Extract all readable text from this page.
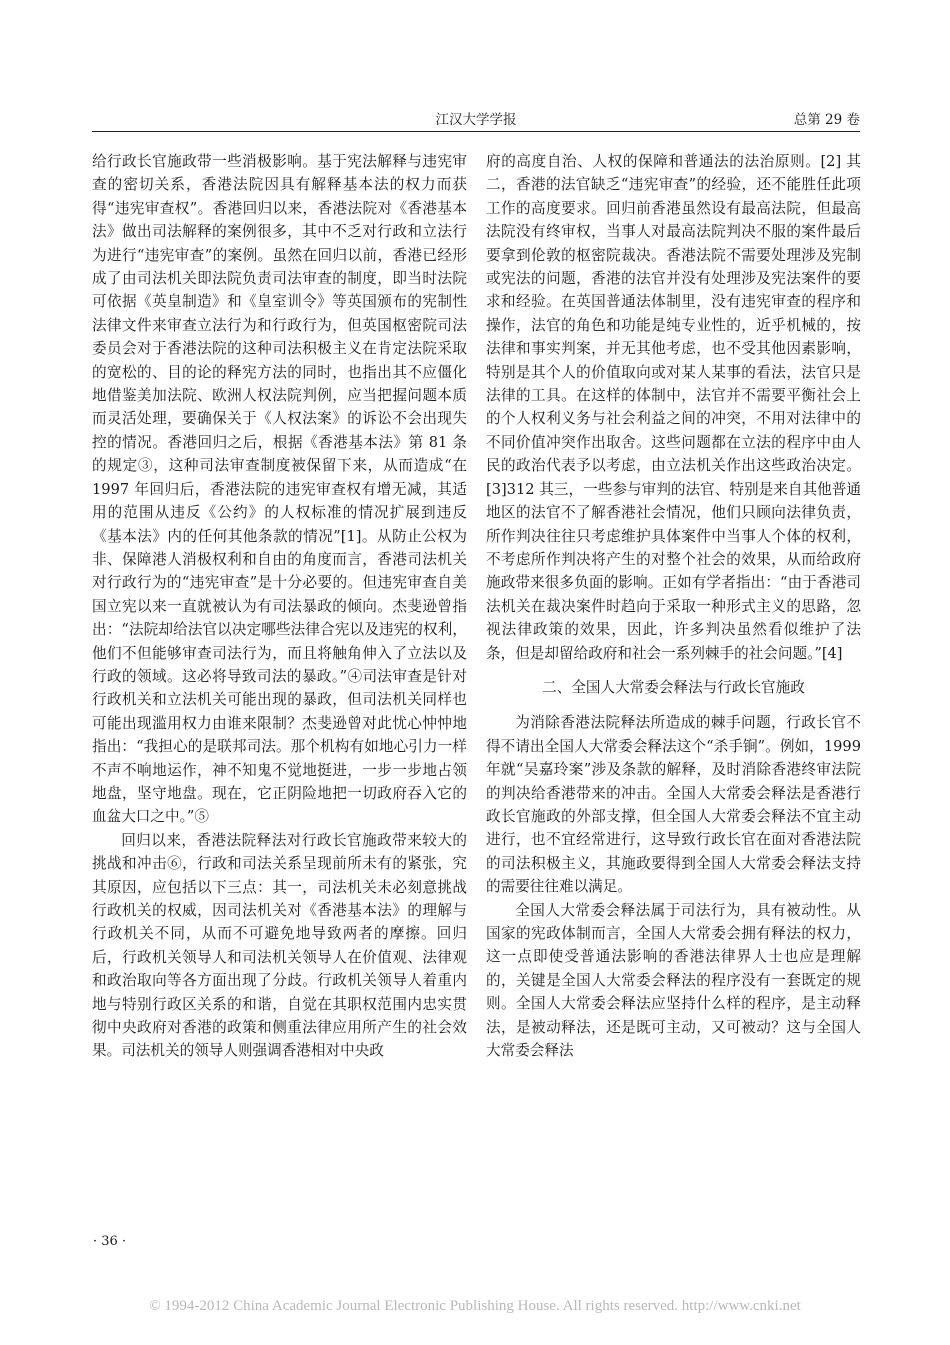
江汉大学学报	总第 29 卷

给行政长官施政带一些消极影响。基于宪法解释与违宪审查的密切关系，香港法院因具有解释基本法的权力而获得“违宪审查权”。香港回归以来，香港法院对《香港基本法》做出司法解释的案例很多，其中不乏对行政和立法行为进行“违宪审查”的案例。虽然在回归以前，香港已经形成了由司法机关即法院负责司法审查的制度，即当时法院可依据《英皇制造》和《皇室训令》等英国颁布的宪制性法律文件来审查立法行为和行政行为，但英国枢密院司法委员会对于香港法院的这种司法积极主义在肯定法院采取的宽松的、目的论的释宪方法的同时，也指出其不应僵化地借鉴美加法院、欧洲人权法院判例，应当把握问题本质而灵活处理，要确保关于《人权法案》的诉讼不会出现失控的情况。香港回归之后，根据《香港基本法》第 81 条的规定③，这种司法审查制度被保留下来，从而造成“在 1997 年回归后，香港法院的违宪审查权有增无减，其适用的范围从违反《公约》的人权标准的情况扩展到违反《基本法》内的任何其他条款的情况”[1]。从防止公权为非、保障港人消极权利和自由的角度而言，香港司法机关对行政行为的“违宪审查”是十分必要的。但违宪审查自美国立宪以来一直就被认为有司法暴政的倾向。杰斐逊曾指出：“法院却给法官以决定哪些法律合宪以及违宪的权利，他们不但能够审查司法行为，而且将触角伸入了立法以及行政的领域。这必将导致司法的暴政。”④司法审查是针对行政机关和立法机关可能出现的暴政，但司法机关同样也可能出现滥用权力由谁来限制？杰斐逊曾对此忧心忡忡地指出：“我担心的是联邦司法。那个机构有如地心引力一样不声不响地运作，神不知鬼不觉地挺进，一步一步地占领地盘，坚守地盘。现在，它正阴险地把一切政府吞入它的血盆大口之中。”⑤

回归以来，香港法院释法对行政长官施政带来较大的挑战和冲击⑥，行政和司法关系呈现前所未有的紧张，究其原因，应包括以下三点：其一，司法机关未必刻意挑战行政机关的权威，因司法机关对《香港基本法》的理解与行政机关不同，从而不可避免地导致两者的摩擦。回归后，行政机关领导人和司法机关领导人在价值观、法律观和政治取向等各方面出现了分歧。行政机关领导人着重内地与特别行政区关系的和谐，自觉在其职权范围内忠实贯彻中央政府对香港的政策和侧重法律应用所产生的社会效果。司法机关的领导人则强调香港相对中央政

府的高度自治、人权的保障和普通法的法治原则。[2] 其二，香港的法官缺乏“违宪审查”的经验，还不能胜任此项工作的高度要求。回归前香港虽然设有最高法院，但最高法院没有终审权，当事人对最高法院判决不服的案件最后要拿到伦敦的枢密院裁决。香港法院不需要处理涉及宪制或宪法的问题，香港的法官并没有处理涉及宪法案件的要求和经验。在英国普通法体制里，没有违宪审查的程序和操作，法官的角色和功能是纯专业性的，近乎机械的，按法律和事实判案，并无其他考虑，也不受其他因素影响，特别是其个人的价值取向或对某人某事的看法，法官只是法律的工具。在这样的体制中，法官并不需要平衡社会上的个人权利义务与社会利益之间的冲突，不用对法律中的不同价值冲突作出取舍。这些问题都在立法的程序中由人民的政治代表予以考虑，由立法机关作出这些政治决定。[3]312 其三，一些参与审判的法官、特别是来自其他普通地区的法官不了解香港社会情况，他们只顾向法律负责，所作判决往往只考虑维护具体案件中当事人个体的权利，不考虑所作判决将产生的对整个社会的效果，从而给政府施政带来很多负面的影响。正如有学者指出：“由于香港司法机关在裁决案件时趋向于采取一种形式主义的思路，忽视法律政策的效果，因此，许多判决虽然看似维护了法条，但是却留给政府和社会一系列棘手的社会问题。”[4]

二、全国人大常委会释法与行政长官施政

为消除香港法院释法所造成的棘手问题，行政长官不得不请出全国人大常委会释法这个“杀手锏”。例如，1999 年就“吴嘉玲案”涉及条款的解释，及时消除香港终审法院的判决给香港带来的冲击。全国人大常委会释法是香港行政长官施政的外部支撑，但全国人大常委会释法不宜主动进行，也不宜经常进行，这导致行政长官在面对香港法院的司法积极主义，其施政要得到全国人大常委会释法支持的需要往往难以满足。

全国人大常委会释法属于司法行为，具有被动性。从国家的宪政体制而言，全国人大常委会拥有释法的权力，这一点即使受普通法影响的香港法律界人士也应是理解的，关键是全国人大常委会释法的程序没有一套既定的规则。全国人大常委会释法应坚持什么样的程序，是主动释法，是被动释法，还是既可主动，又可被动？这与全国人大常委会释法

· 36 ·
© 1994-2012 China Academic Journal Electronic Publishing House. All rights reserved. http://www.cnki.net
